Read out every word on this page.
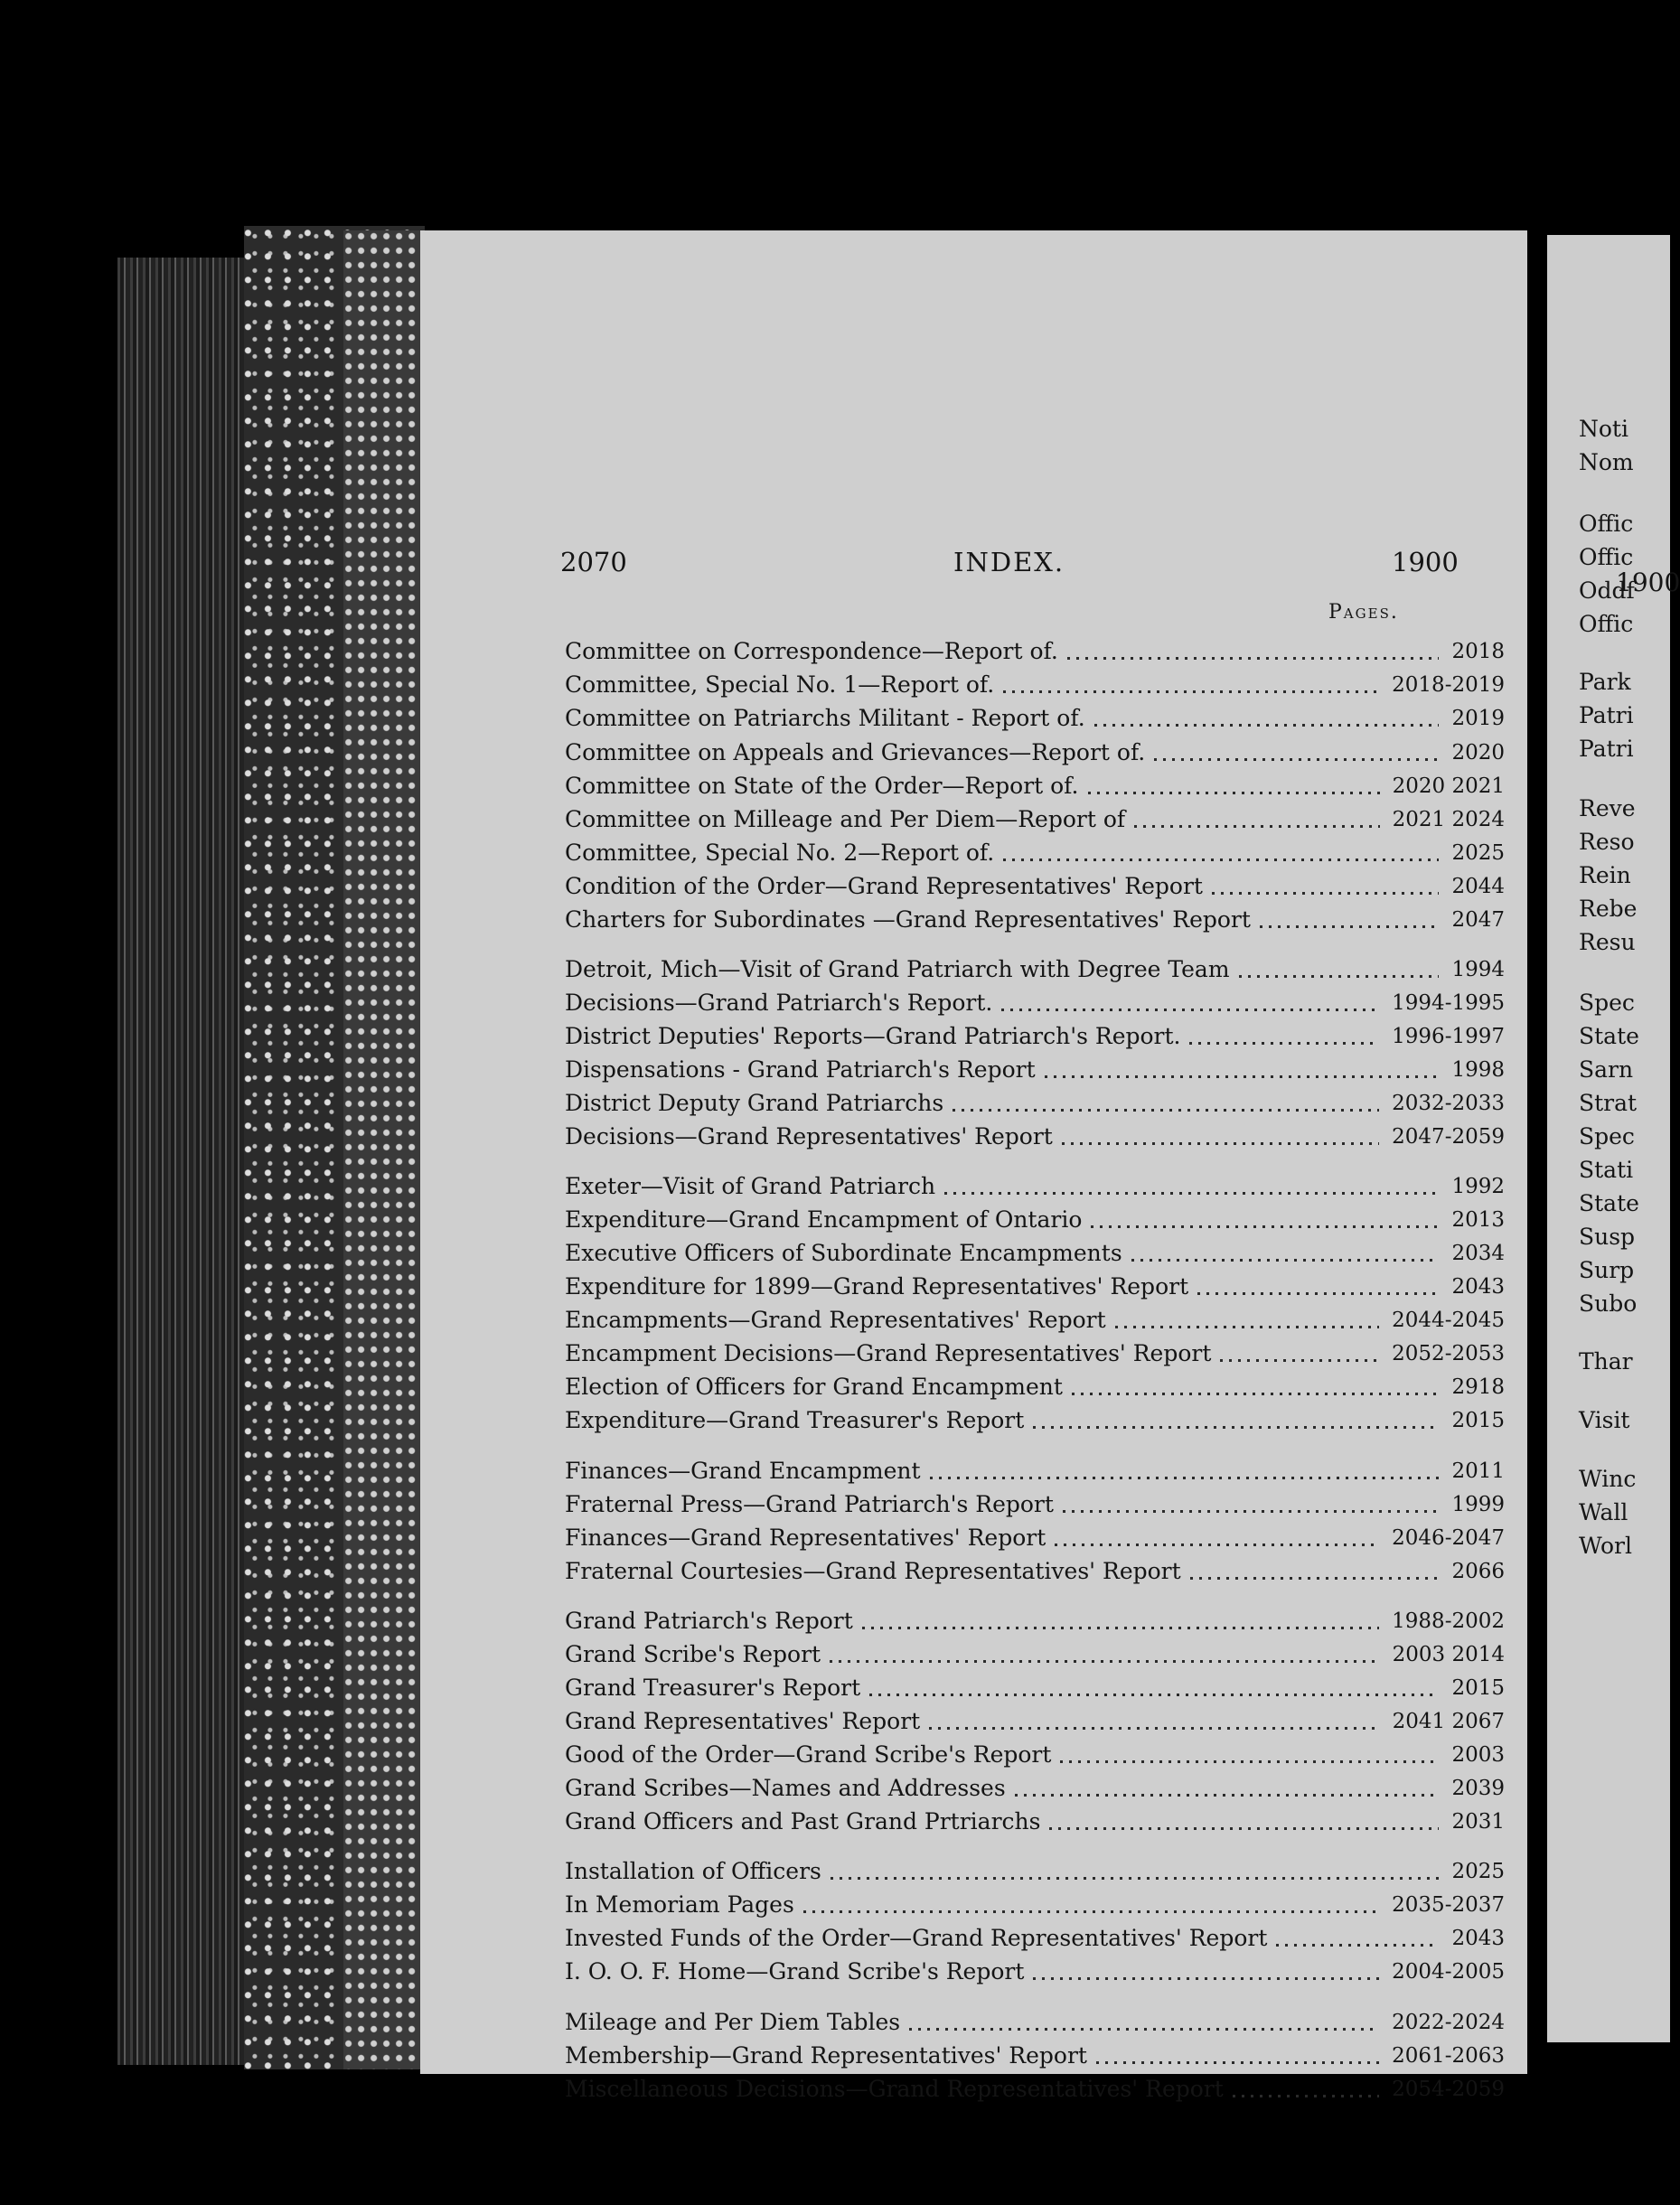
2070	INDEX.	1900
Pages.
Committee on Correspondence—Report of.	2018
Committee, Special No. 1—Report of.	2018-2019
Committee on Patriarchs Militant - Report of.	2019
Committee on Appeals and Grievances—Report of.	2020
Committee on State of the Order—Report of.	2020 2021
Committee on Milleage and Per Diem—Report of	2021 2024
Committee, Special No. 2—Report of.	2025
Condition of the Order—Grand Representatives' Report	2044
Charters for Subordinates —Grand Representatives' Report	2047
Detroit, Mich—Visit of Grand Patriarch with Degree Team	1994
Decisions—Grand Patriarch's Report.	1994-1995
District Deputies' Reports—Grand Patriarch's Report.	1996-1997
Dispensations - Grand Patriarch's Report	1998
District Deputy Grand Patriarchs	2032-2033
Decisions—Grand Representatives' Report	2047-2059
Exeter—Visit of Grand Patriarch	1992
Expenditure—Grand Encampment of Ontario	2013
Executive Officers of Subordinate Encampments	2034
Expenditure for 1899—Grand Representatives' Report	2043
Encampments—Grand Representatives' Report	2044-2045
Encampment Decisions—Grand Representatives' Report	2052-2053
Election of Officers for Grand Encampment	2918
Expenditure—Grand Treasurer's Report	2015
Finances—Grand Encampment	2011
Fraternal Press—Grand Patriarch's Report	1999
Finances—Grand Representatives' Report	2046-2047
Fraternal Courtesies—Grand Representatives' Report	2066
Grand Patriarch's Report	1988-2002
Grand Scribe's Report	2003 2014
Grand Treasurer's Report	2015
Grand Representatives' Report	2041 2067
Good of the Order—Grand Scribe's Report	2003
Grand Scribes—Names and Addresses	2039
Grand Officers and Past Grand Prtriarchs	2031
Installation of Officers	2025
In Memoriam Pages	2035-2037
Invested Funds of the Order—Grand Representatives' Report	2043
I. O. O. F. Home—Grand Scribe's Report	2004-2005
Mileage and Per Diem Tables	2022-2024
Membership—Grand Representatives' Report	2061-2063
Miscellaneous Decisions—Grand Representatives' Report	2054-2059
1900
Noti
Nom
Offic
Offic
Oddf
Offic
Park
Patri
Patri
Reve
Reso
Rein
Rebe
Resu
Spec
State
Sarn
Strat
Spec
Stati
State
Susp
Surp
Subo
Thar
Visit
Winc
Wall
Worl
